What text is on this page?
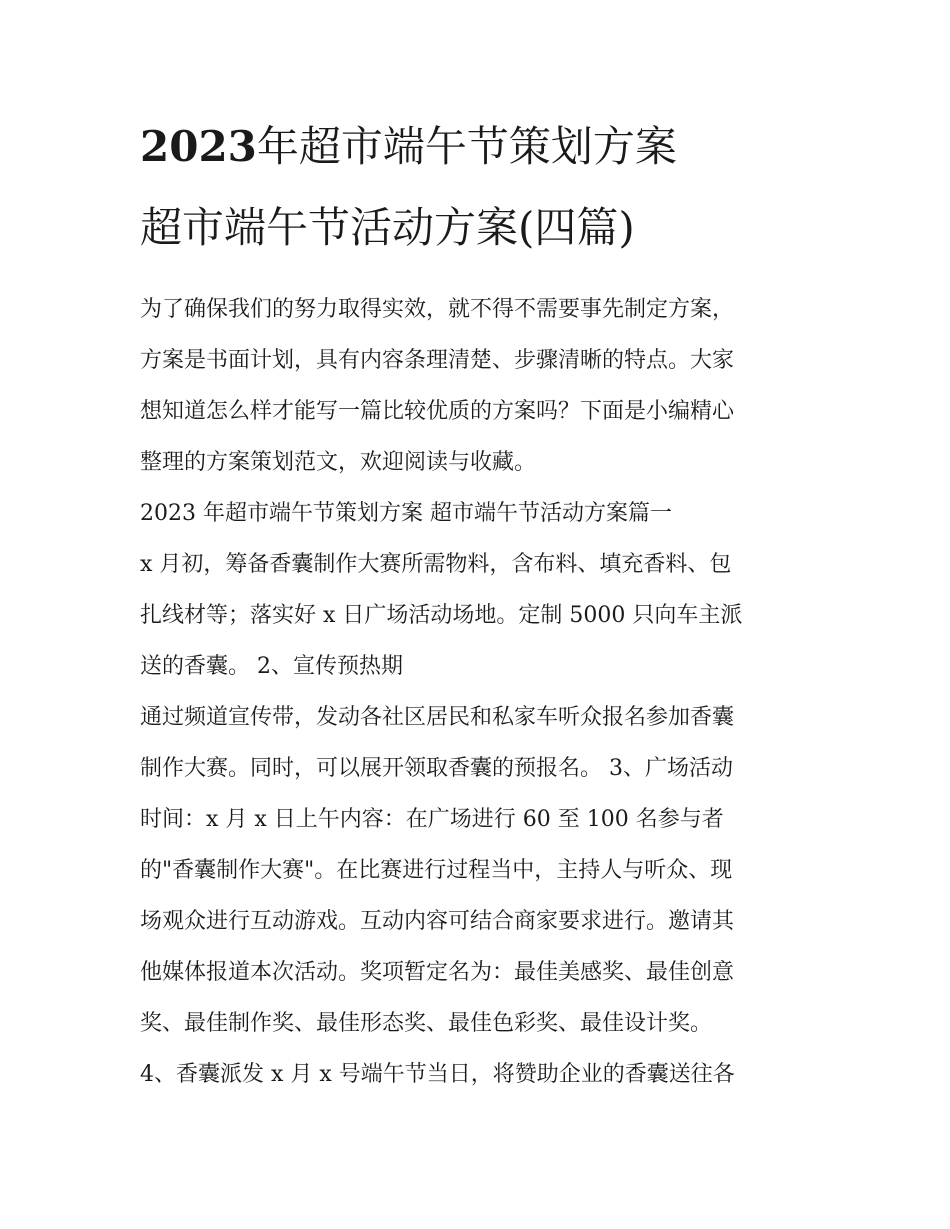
2023年超市端午节策划方案
超市端午节活动方案(四篇)

为了确保我们的努力取得实效，就不得不需要事先制定方案，

方案是书面计划，具有内容条理清楚、步骤清晰的特点。大家

想知道怎么样才能写一篇比较优质的方案吗？下面是小编精心

整理的方案策划范文，欢迎阅读与收藏。

2023 年超市端午节策划方案 超市端午节活动方案篇一

x 月初，筹备香囊制作大赛所需物料，含布料、填充香料、包

扎线材等；落实好 x 日广场活动场地。定制 5000 只向车主派

送的香囊。 2、宣传预热期

通过频道宣传带，发动各社区居民和私家车听众报名参加香囊

制作大赛。同时，可以展开领取香囊的预报名。 3、广场活动

时间：x 月 x 日上午内容：在广场进行 60 至 100 名参与者

的"香囊制作大赛"。在比赛进行过程当中，主持人与听众、现

场观众进行互动游戏。互动内容可结合商家要求进行。邀请其

他媒体报道本次活动。奖项暂定名为：最佳美感奖、最佳创意

奖、最佳制作奖、最佳形态奖、最佳色彩奖、最佳设计奖。

4、香囊派发 x 月 x 号端午节当日，将赞助企业的香囊送往各
